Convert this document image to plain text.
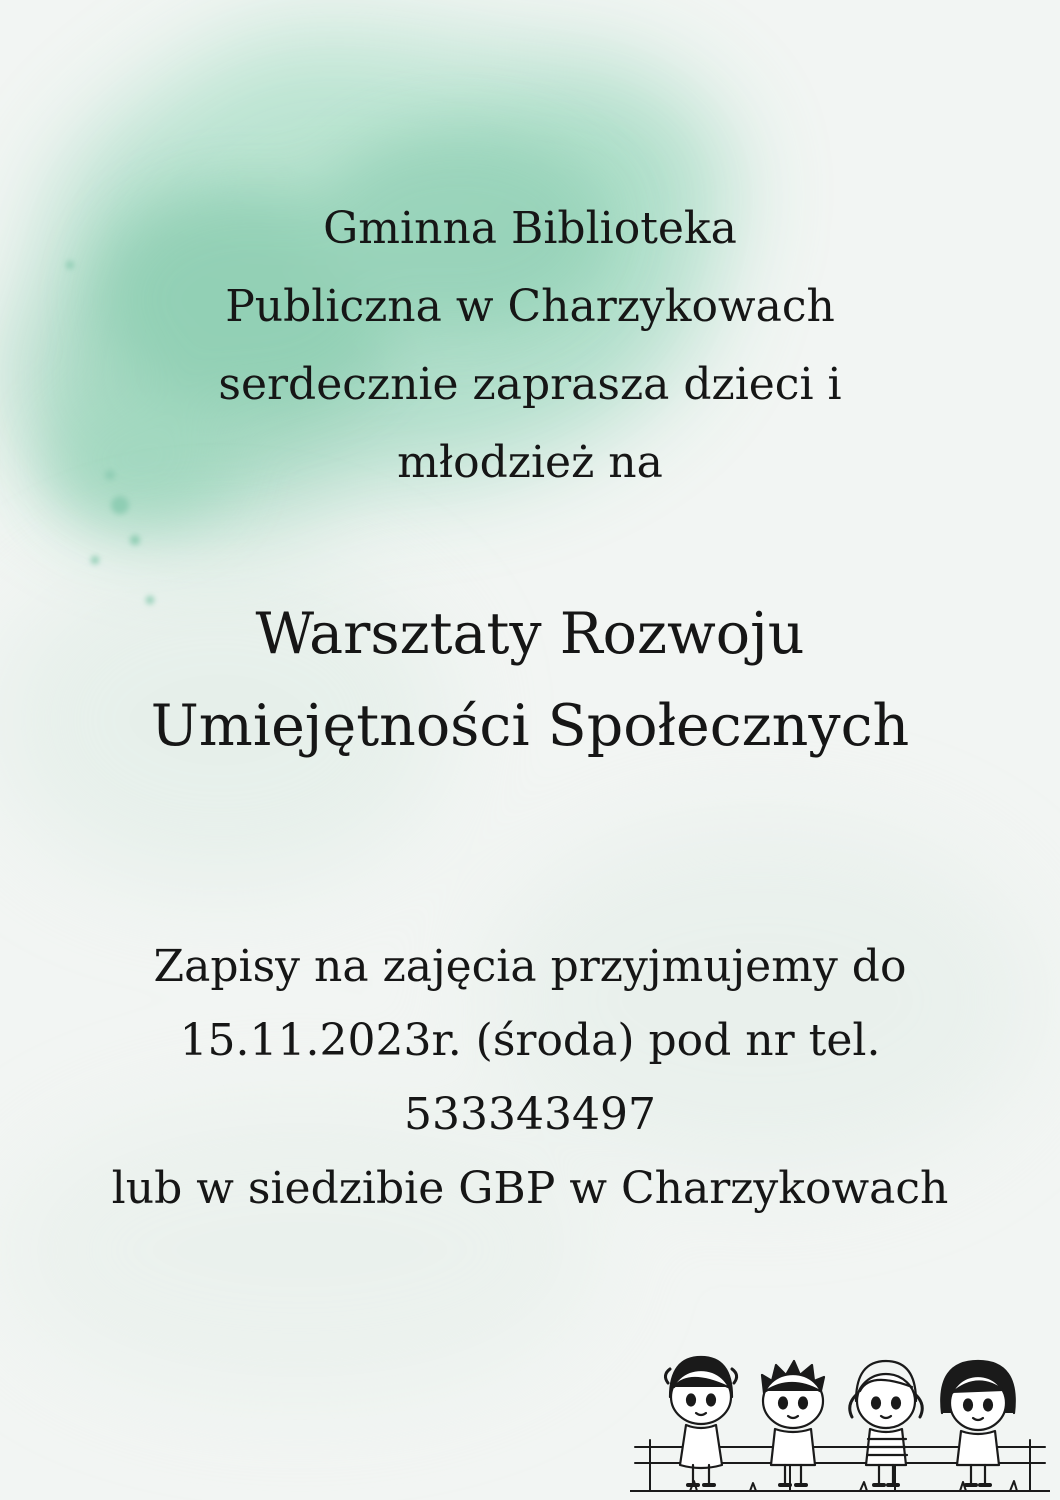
Gminna Biblioteka
Publiczna w Charzykowach
serdecznie zaprasza dzieci i
młodzież na
Warsztaty Rozwoju
Umiejętności Społecznych
Zapisy na zajęcia przyjmujemy do
15.11.2023r. (środa) pod nr tel.
533343497
lub w siedzibie GBP w Charzykowach
